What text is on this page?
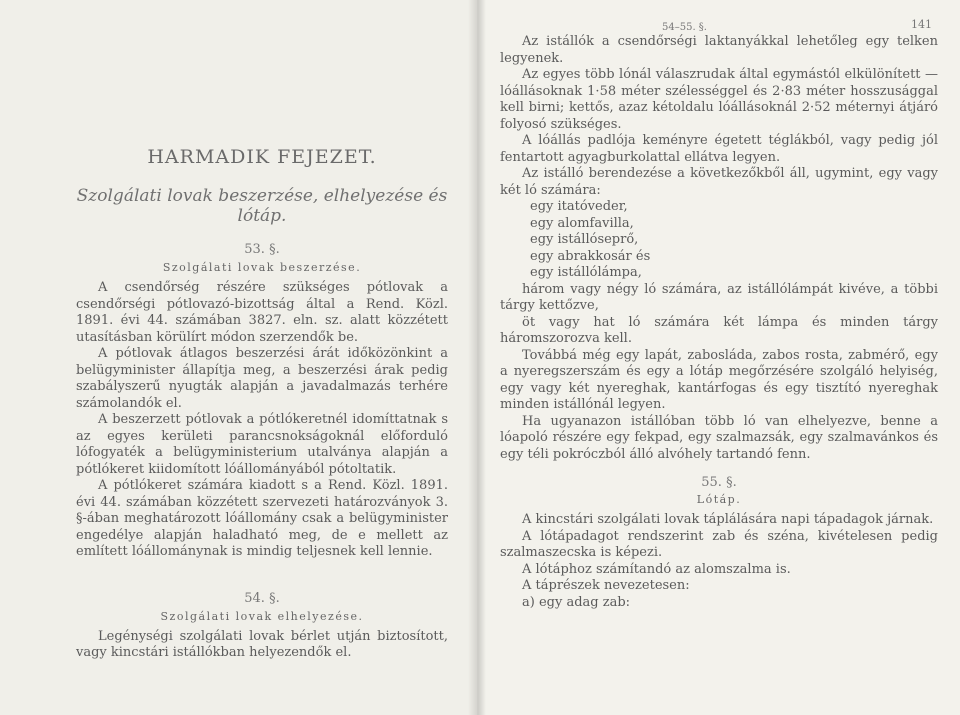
HARMADIK FEJEZET.
Szolgálati lovak beszerzése, elhelyezése és lótáp.
53. §.
Szolgálati lovak beszerzése.

A csendőrség részére szükséges pótlovak a csendőrségi pótlovazó-bizottság által a Rend. Közl. 1891. évi 44. számában 3827. eln. sz. alatt közzétett utasításban körülírt módon szerzendők be.

A pótlovak átlagos beszerzési árát időközönkint a belügyminister állapítja meg, a beszerzési árak pedig szabályszerű nyugták alapján a javadalmazás terhére számolandók el.

A beszerzett pótlovak a pótlókeretnél idomíttatnak s az egyes kerületi parancsnokságoknál előforduló lófogyaték a belügyministerium utalványa alapján a pótlókeret kiidomított lóállományából pótoltatik.

A pótlókeret számára kiadott s a Rend. Közl. 1891. évi 44. számában közzétett szervezeti határozványok 3. §-ában meghatározott lóállomány csak a belügyminister engedélye alapján haladható meg, de e mellett az említett lóállománynak is mindig teljesnek kell lennie.

54. §.
Szolgálati lovak elhelyezése.

Legénységi szolgálati lovak bérlet utján biztosított, vagy kincstári istállókban helyezendők el.

54–55. §.	141

Az istállók a csendőrségi laktanyákkal lehetőleg egy telken legyenek.

Az egyes több lónál válaszrudak által egymástól elkülönített — lóállásoknak 1·58 méter szélességgel és 2·83 méter hosszusággal kell birni; kettős, azaz kétoldalu lóállásoknál 2·52 méternyi átjáró folyosó szükséges.

A lóállás padlója keményre égetett téglákból, vagy pedig jól fentartott agyagburkolattal ellátva legyen.

Az istálló berendezése a következőkből áll, ugymint, egy vagy két ló számára:

egy itatóveder,
egy alomfavilla,
egy istállóseprő,
egy abrakkosár és
egy istállólámpa,

három vagy négy ló számára, az istállólámpát kivéve, a többi tárgy kettőzve,

öt vagy hat ló számára két lámpa és minden tárgy háromszorozva kell.

Továbbá még egy lapát, zabosláda, zabos rosta, zabmérő, egy a nyeregszerszám és egy a lótáp megőrzésére szolgáló helyiség, egy vagy két nyereghak, kantárfogas és egy tisztító nyereghak minden istállónál legyen.

Ha ugyanazon istállóban több ló van elhelyezve, benne a lóapoló részére egy fekpad, egy szalmazsák, egy szalmavánkos és egy téli pokróczból álló alvóhely tartandó fenn.

55. §.
Lótáp.

A kincstári szolgálati lovak táplálására napi tápadagok járnak.

A lótápadagot rendszerint zab és széna, kivételesen pedig szalmaszecska is képezi.

A lótáphoz számítandó az alomszalma is.

A táprészek nevezetesen:

a) egy adag zab:
